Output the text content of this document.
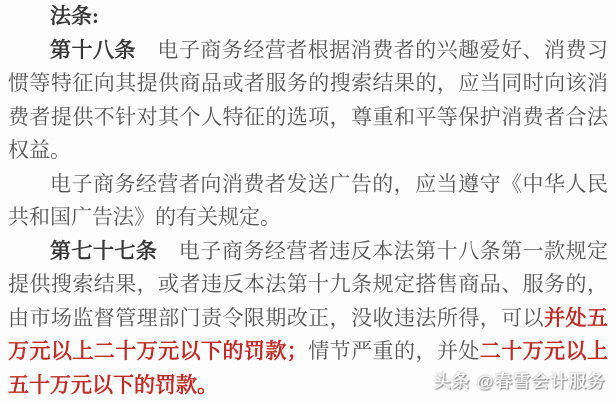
法条:

第十八条　电子商务经营者根据消费者的兴趣爱好、消费习惯等特征向其提供商品或者服务的搜索结果的，应当同时向该消费者提供不针对其个人特征的选项，尊重和平等保护消费者合法权益。

电子商务经营者向消费者发送广告的，应当遵守《中华人民共和国广告法》的有关规定。

第七十七条　电子商务经营者违反本法第十八条第一款规定提供搜索结果，或者违反本法第十九条规定搭售商品、服务的，由市场监督管理部门责令限期改正，没收违法所得，可以并处五万元以上二十万元以下的罚款；情节严重的，并处二十万元以上五十万元以下的罚款。	头条 @春雪会计服务
